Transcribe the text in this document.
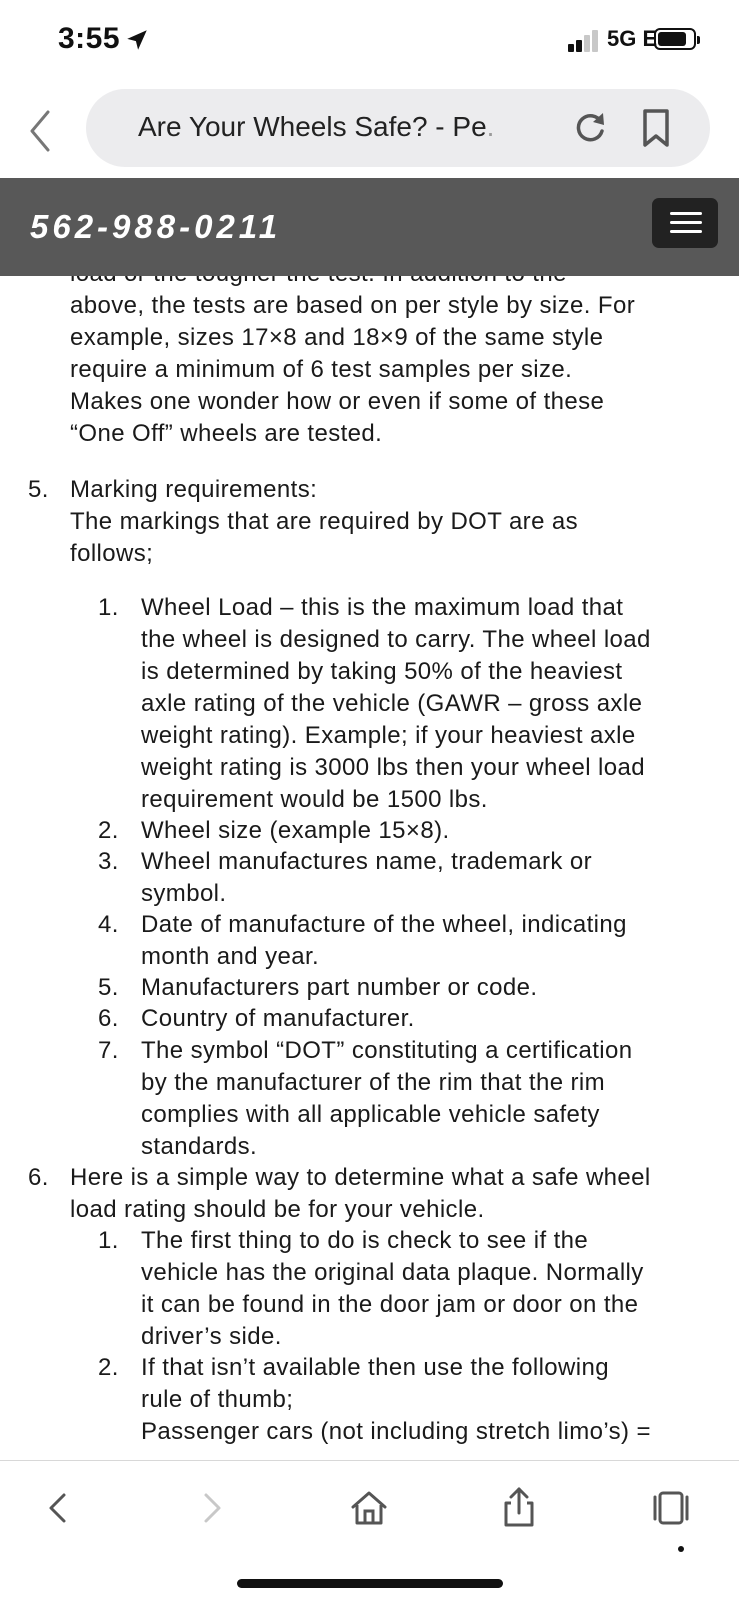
3:55	5G E
Are Your Wheels Safe? - Pe.
above, the tests are based on per style by size. For
example, sizes 17×8 and 18×9 of the same style
require a minimum of 6 test samples per size.
Makes one wonder how or even if some of these
“One Off” wheels are tested.
5. Marking requirements:
The markings that are required by DOT are as
follows;
1. Wheel Load – this is the maximum load that
the wheel is designed to carry. The wheel load
is determined by taking 50% of the heaviest
axle rating of the vehicle (GAWR – gross axle
weight rating). Example; if your heaviest axle
weight rating is 3000 lbs then your wheel load
requirement would be 1500 lbs.
2. Wheel size (example 15×8).
3. Wheel manufactures name, trademark or
symbol.
4. Date of manufacture of the wheel, indicating
month and year.
5. Manufacturers part number or code.
6. Country of manufacturer.
7. The symbol “DOT” constituting a certification
by the manufacturer of the rim that the rim
complies with all applicable vehicle safety
standards.
6. Here is a simple way to determine what a safe wheel
load rating should be for your vehicle.
1. The first thing to do is check to see if the
vehicle has the original data plaque. Normally
it can be found in the door jam or door on the
driver’s side.
2. If that isn’t available then use the following
rule of thumb;
Passenger cars (not including stretch limo’s) =
562-988-0211
